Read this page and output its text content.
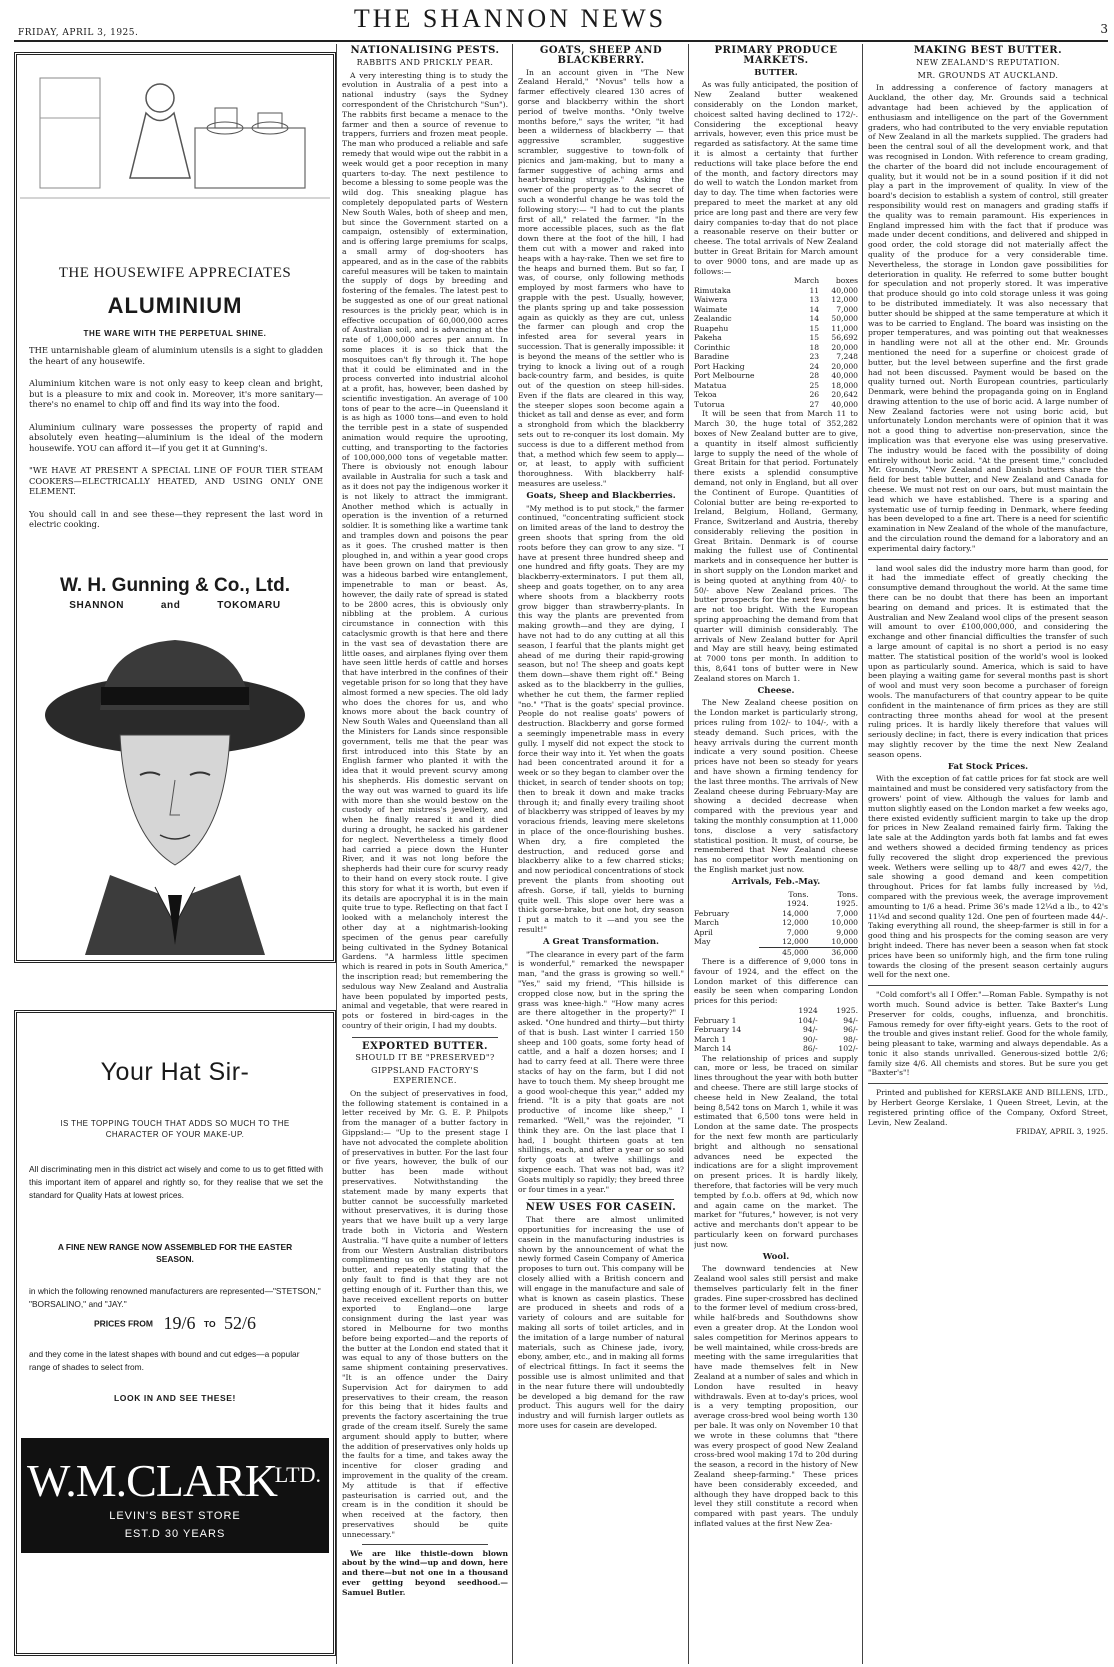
FRIDAY, APRIL 3, 1925.	THE SHANNON NEWS	3
THE HOUSEWIFE APPRECIATES
ALUMINIUM
THE WARE WITH THE PERPETUAL SHINE.

THE untarnishable gleam of aluminium utensils is a sight to gladden the heart of any housewife.

Aluminium kitchen ware is not only easy to keep clean and bright, but is a pleasure to mix and cook in. Moreover, it's more sanitary—there's no enamel to chip off and find its way into the food.

Aluminium culinary ware possesses the property of rapid and absolutely even heating—aluminium is the ideal of the modern housewife. YOU can afford it—if you get it at Gunning's.

"WE HAVE AT PRESENT A SPECIAL LINE OF FOUR TIER STEAM COOKERS—ELECTRICALLY HEATED, AND USING ONLY ONE ELEMENT.

You should call in and see these—they represent the last word in electric cooking.

W. H. Gunning & Co., Ltd.
SHANNON	and	TOKOMARU
Your Hat Sir-
IS THE TOPPING TOUCH THAT ADDS SO MUCH TO THE CHARACTER OF YOUR MAKE-UP.
All discriminating men in this district act wisely and come to us to get fitted with this important item of apparel and rightly so, for they realise that we set the standard for Quality Hats at lowest prices.
A FINE NEW RANGE NOW ASSEMBLED FOR THE EASTER SEASON.
in which the following renowned manufacturers are represented—"STETSON," "BORSALINO," and "JAY."
PRICES FROM 19/6 TO 52/6
and they come in the latest shapes with bound and cut edges—a popular range of shades to select from.
LOOK IN AND SEE THESE!
W.M.CLARK
LTD.
LEVIN'S BEST STORE
EST.D 30 YEARS
NATIONALISING PESTS.
RABBITS AND PRICKLY PEAR.

A very interesting thing is to study the evolution in Australia of a pest into a national industry (says the Sydney correspondent of the Christchurch "Sun"). The rabbits first became a menace to the farmer and then a source of revenue to trappers, furriers and frozen meat people. The man who produced a reliable and safe remedy that would wipe out the rabbit in a week would get a poor reception in many quarters to-day. The next pestilence to become a blessing to some people was the wild dog. This sneaking plague has completely depopulated parts of Western New South Wales, both of sheep and men, but since the Government started on a campaign, ostensibly of extermination, and is offering large premiums for scalps, a small army of dog-shooters has appeared, and as in the case of the rabbits careful measures will be taken to maintain the supply of dogs by breeding and fostering of the females. The latest pest to be suggested as one of our great national resources is the prickly pear, which is in effective occupation of 60,000,000 acres of Australian soil, and is advancing at the rate of 1,000,000 acres per annum. In some places it is so thick that the mosquitoes can't fly through it. The hope that it could be eliminated and in the process converted into industrial alcohol at a profit, has, however, been dashed by scientific investigation. An average of 100 tons of pear to the acre—in Queensland it is as high as 1000 tons—and even to hold the terrible pest in a state of suspended animation would require the uprooting, cutting, and transporting to the factories of 100,000,000 tons of vegetable matter. There is obviously not enough labour available in Australia for such a task and as it does not pay the indigenous worker it is not likely to attract the immigrant. Another method which is actually in operation is the invention of a returned soldier. It is something like a wartime tank and tramples down and poisons the pear as it goes. The crushed matter is then ploughed in, and within a year good crops have been grown on land that previously was a hideous barbed wire entanglement, impenetrable to man or beast. As, however, the daily rate of spread is stated to be 2800 acres, this is obviously only nibbling at the problem. A curious circumstance in connection with this cataclysmic growth is that here and there in the vast sea of devastation there are little oases, and airplanes flying over them have seen little herds of cattle and horses that have interbred in the confines of their vegetable prison for so long that they have almost formed a new species. The old lady who does the chores for us, and who knows more about the back country of New South Wales and Queensland than all the Ministers for Lands since responsible government, tells me that the pear was first introduced into this State by an English farmer who planted it with the idea that it would prevent scurvy among his shepherds. His domestic servant on the way out was warned to guard its life with more than she would bestow on the custody of her mistress's jewellery, and when he finally reared it and it died during a drought, he sacked his gardener for neglect. Nevertheless a timely flood had carried a piece down the Hunter River, and it was not long before the shepherds had their cure for scurvy ready to their hand on every stock route. I give this story for what it is worth, but even if its details are apocryphal it is in the main quite true to type. Reflecting on that fact I looked with a melancholy interest the other day at a nightmarish-looking specimen of the genus pear carefully being cultivated in the Sydney Botanical Gardens. "A harmless little specimen which is reared in pots in South America," the inscription read; but remembering the sedulous way New Zealand and Australia have been populated by imported pests, animal and vegetable, that were reared in pots or fostered in bird-cages in the country of their origin, I had my doubts.

EXPORTED BUTTER.
SHOULD IT BE "PRESERVED"?
GIPPSLAND FACTORY'S EXPERIENCE.

On the subject of preservatives in food, the following statement is contained in a letter received by Mr. G. E. P. Philpots from the manager of a butter factory in Gippsland:— "Up to the present stage I have not advocated the complete abolition of preservatives in butter. For the last four or five years, however, the bulk of our butter has been made without preservatives. Notwithstanding the statement made by many experts that butter cannot be successfully marketed without preservatives, it is during those years that we have built up a very large trade both in Victoria and Western Australia. "I have quite a number of letters from our Western Australian distributors complimenting us on the quality of the butter, and repeatedly stating that the only fault to find is that they are not getting enough of it. Further than this, we have received excellent reports on butter exported to England—one large consignment during the last year was stored in Melbourne for two months before being exported—and the reports of the butter at the London end stated that it was equal to any of those butters on the same shipment containing preservatives. "It is an offence under the Dairy Supervision Act for dairymen to add preservatives to their cream, the reason for this being that it hides faults and prevents the factory ascertaining the true grade of the cream itself. Surely the same argument should apply to butter, where the addition of preservatives only holds up the faults for a time, and takes away the incentive for closer grading and improvement in the quality of the cream. My attitude is that if effective pasteurisation is carried out, and the cream is in the condition it should be when received at the factory, then preservatives should be quite unnecessary."

We are like thistle-down blown about by the wind—up and down, here and there—but not one in a thousand ever getting beyond seedhood.—Samuel Butler.

GOATS, SHEEP AND BLACKBERRY.

In an account given in "The New Zealand Herald," "Novus" tells how a farmer effectively cleared 130 acres of gorse and blackberry within the short period of twelve months. "Only twelve months before," says the writer, "it had been a wilderness of blackberry — that aggressive scrambler, suggestive scrambler, suggestive to town-folk of picnics and jam-making, but to many a farmer suggestive of aching arms and heart-breaking struggle." Asking the owner of the property as to the secret of such a wonderful change he was told the following story:— "I had to cut the plants first of all," related the farmer. "In the more accessible places, such as the flat down there at the foot of the hill, I had them cut with a mower and raked into heaps with a hay-rake. Then we set fire to the heaps and burned them. But so far, I was, of course, only following methods employed by most farmers who have to grapple with the pest. Usually, however, the plants spring up and take possession again as quickly as they are cut, unless the farmer can plough and crop the infested area for several years in succession. That is generally impossible: it is beyond the means of the settler who is trying to knock a living out of a rough back-country farm, and besides, is quite out of the question on steep hill-sides. Even if the flats are cleared in this way, the steeper slopes soon become again a thicket as tall and dense as ever, and form a stronghold from which the blackberry sets out to re-conquer its lost domain. My success is due to a different method from that, a method which few seem to apply—or, at least, to apply with sufficient thoroughness. With blackberry half-measures are useless."

Goats, Sheep and Blackberries.

"My method is to put stock," the farmer continued, "concentrating sufficient stock on limited areas of the land to destroy the green shoots that spring from the old roots before they can grow to any size. "I have at present three hundred sheep and one hundred and fifty goats. They are my blackberry-exterminators. I put them all, sheep and goats together, on to any area where shoots from a blackberry roots grow bigger than strawberry-plants. In this way the plants are prevented from making growth—and they are dying, I have not had to do any cutting at all this season, I fearful that the plants might get ahead of me during their rapid-growing season, but no! The sheep and goats kept them down—shave them right off." Being asked as to the blackberry in the gullies, whether he cut them, the farmer replied "no." "That is the goats' special province. People do not realise goats' powers of destruction. Blackberry and gorse formed a seemingly impenetrable mass in every gully. I myself did not expect the stock to force their way into it. Yet when the goats had been concentrated around it for a week or so they began to clamber over the thicket, in search of tender shoots on top; then to break it down and make tracks through it; and finally every trailing shoot of blackberry was stripped of leaves by my voracious friends, leaving mere skeletons in place of the once-flourishing bushes. When dry, a fire completed the destruction, and reduced gorse and blackberry alike to a few charred sticks; and now periodical concentrations of stock prevent the plants from shooting out afresh. Gorse, if tall, yields to burning quite well. This slope over here was a thick gorse-brake, but one hot, dry season I put a match to it —and you see the result!"

A Great Transformation.

"The clearance in every part of the farm is wonderful," remarked the newspaper man, "and the grass is growing so well." "Yes," said my friend, "This hillside is cropped close now, but in the spring the grass was knee-high." "How many acres are there altogether in the property?" I asked. "One hundred and thirty—but thirty of that is bush. Last winter I carried 150 sheep and 100 goats, some forty head of cattle, and a half a dozen horses; and I had to carry feed at all. There were three stacks of hay on the farm, but I did not have to touch them. My sheep brought me a good wool-cheque this year," added my friend. "It is a pity that goats are not productive of income like sheep," I remarked. "Well," was the rejoinder, "I think they are. On the last place that I had, I bought thirteen goats at ten shillings, each, and after a year or so sold forty goats at twelve shillings and sixpence each. That was not bad, was it? Goats multiply so rapidly; they breed three or four times in a year."

NEW USES FOR CASEIN.

That there are almost unlimited opportunities for increasing the use of casein in the manufacturing industries is shown by the announcement of what the newly formed Casein Company of America proposes to turn out. This company will be closely allied with a British concern and will engage in the manufacture and sale of what is known as casein plastics. These are produced in sheets and rods of a variety of colours and are suitable for making all sorts of toilet articles, and in the imitation of a large number of natural materials, such as Chinese jade, ivory, ebony, amber, etc., and in making all forms of electrical fittings. In fact it seems the possible use is almost unlimited and that in the near future there will undoubtedly be developed a big demand for the raw product. This augurs well for the dairy industry and will furnish larger outlets as more uses for casein are developed.

PRIMARY PRODUCE MARKETS.
BUTTER.

As was fully anticipated, the position of New Zealand butter weakened considerably on the London market, choicest salted having declined to 172/-. Considering the exceptional heavy arrivals, however, even this price must be regarded as satisfactory. At the same time it is almost a certainty that further reductions will take place before the end of the month, and factory directors may do well to watch the London market from day to day. The time when factories were prepared to meet the market at any old price are long past and there are very few dairy companies to-day that do not place a reasonable reserve on their butter or cheese. The total arrivals of New Zealand butter in Great Britain for March amount to over 9000 tons, and are made up as follows:—

	March	boxes
Rimutaka	11	40,000
Waiwera	13	12,000
Waimate	14	7,000
Zealandic	14	50,000
Ruapehu	15	11,000
Pakeha	15	56,692
Corinthic	18	20,000
Baradine	23	7,248
Port Hacking	24	20,000
Port Melbourne	28	40,000
Matatua	25	18,000
Tekoa	26	20,642
Tutorua	27	40,000

It will be seen that from March 11 to March 30, the huge total of 352,282 boxes of New Zealand butter are to give, a quantity in itself almost sufficiently large to supply the need of the whole of Great Britain for that period. Fortunately there exists a splendid consumptive demand, not only in England, but all over the Continent of Europe. Quantities of Colonial butter are being re-exported to Ireland, Belgium, Holland, Germany, France, Switzerland and Austria, thereby considerably relieving the position in Great Britain. Denmark is of course making the fullest use of Continental markets and in consequence her butter is in short supply on the London market and is being quoted at anything from 40/- to 50/- above New Zealand prices. The butter prospects for the next few months are not too bright. With the European spring approaching the demand from that quarter will diminish considerably. The arrivals of New Zealand butter for April and May are still heavy, being estimated at 7000 tons per month. In addition to this, 8,641 tons of butter were in New Zealand stores on March 1.

Cheese.

The New Zealand cheese position on the London market is particularly strong, prices ruling from 102/- to 104/-, with a steady demand. Such prices, with the heavy arrivals during the current month indicate a very sound position. Cheese prices have not been so steady for years and have shown a firming tendency for the last three months. The arrivals of New Zealand cheese during February-May are showing a decided decrease when compared with the previous year and taking the monthly consumption at 11,000 tons, disclose a very satisfactory statistical position. It must, of course, be remembered that New Zealand cheese has no competitor worth mentioning on the English market just now.

Arrivals, Feb.-May.
	Tons.	Tons.
	1924.	1925.
February	14,000	7,000
March	12,000	10,000
April	7,000	9,000
May	12,000	10,000
	45,000	36,000

There is a difference of 9,000 tons in favour of 1924, and the effect on the London market of this difference can easily be seen when comparing London prices for this period:

	1924	1925.
February 1	104/-	94/-
February 14	94/-	96/-
March 1	90/-	98/-
March 14	86/-	102/-

The relationship of prices and supply can, more or less, be traced on similar lines throughout the year with both butter and cheese. There are still large stocks of cheese held in New Zealand, the total being 8,542 tons on March 1, while it was estimated that 6,500 tons were held in London at the same date. The prospects for the next few month are particularly bright and although no sensational advances need be expected the indications are for a slight improvement on present prices. It is hardly likely, therefore, that factories will be very much tempted by f.o.b. offers at 9d, which now and again came on the market. The market for "futures," however, is not very active and merchants don't appear to be particularly keen on forward purchases just now.

Wool.

The downward tendencies at New Zealand wool sales still persist and make themselves particularly felt in the finer grades. Fine super-crossbred has declined to the former level of medium cross-bred, while half-breds and Southdowns show even a greater drop. At the London wool sales competition for Merinos appears to be well maintained, while cross-breds are meeting with the same irregularities that have made themselves felt in New Zealand at a number of sales and which in London have resulted in heavy withdrawals. Even at to-day's prices, wool is a very tempting proposition, our average cross-bred wool being worth 130 per bale. It was only on November 10 that we wrote in these columns that "there was every prospect of good New Zealand cross-bred wool making 17d to 20d during the season, a record in the history of New Zealand sheep-farming." These prices have been considerably exceeded, and although they have dropped back to this level they still constitute a record when compared with past years. The unduly inflated values at the first New Zea-

MAKING BEST BUTTER.
NEW ZEALAND'S REPUTATION.
MR. GROUNDS AT AUCKLAND.

In addressing a conference of factory managers at Auckland, the other day, Mr. Grounds said a technical advantage had been achieved by the application of enthusiasm and intelligence on the part of the Government graders, who had contributed to the very enviable reputation of New Zealand in all the markets supplied. The graders had been the central soul of all the development work, and that was recognised in London. With reference to cream grading, the charter of the board did not include encouragement of quality, but it would not be in a sound position if it did not play a part in the improvement of quality. In view of the board's decision to establish a system of control, still greater responsibility would rest on managers and grading staffs if the quality was to remain paramount. His experiences in England impressed him with the fact that if produce was made under decent conditions, and delivered and shipped in good order, the cold storage did not materially affect the quality of the produce for a very considerable time. Nevertheless, the storage in London gave possibilities for deterioration in quality. He referred to some butter bought for speculation and not properly stored. It was imperative that produce should go into cold storage unless it was going to be distributed immediately. It was also necessary that butter should be shipped at the same temperature at which it was to be carried to England. The board was insisting on the proper temperatures, and was pointing out that weaknesses in handling were not all at the other end. Mr. Grounds mentioned the need for a superfine or choicest grade of butter, but the level between superfine and the first grade had not been discussed. Payment would be based on the quality turned out. North European countries, particularly Denmark, were behind the propaganda going on in England drawing attention to the use of boric acid. A large number of New Zealand factories were not using boric acid, but unfortunately London merchants were of opinion that it was not a good thing to advertise non-preservation, since the implication was that everyone else was using preservative. The industry would be faced with the possibility of doing entirely without boric acid. "At the present time," concluded Mr. Grounds, "New Zealand and Danish butters share the field for best table butter, and New Zealand and Canada for cheese. We must not rest on our oars, but must maintain the lead which we have established. There is a sparing and systematic use of turnip feeding in Denmark, where feeding has been developed to a fine art. There is a need for scientific examination in New Zealand of the whole of the manufacture, and the circulation round the demand for a laboratory and an experimental dairy factory."

land wool sales did the industry more harm than good, for it had the immediate effect of greatly checking the consumptive demand throughout the world. At the same time there can be no doubt that there has been an important bearing on demand and prices. It is estimated that the Australian and New Zealand wool clips of the present season will amount to over £100,000,000, and considering the exchange and other financial difficulties the transfer of such a large amount of capital is no short a period is no easy matter. The statistical position of the world's wool is looked upon as particularly sound. America, which is said to have been playing a waiting game for several months past is short of wool and must very soon become a purchaser of foreign wools. The manufacturers of that country appear to be quite confident in the maintenance of firm prices as they are still contracting three months ahead for wool at the present ruling prices. It is hardly likely therefore that values will seriously decline; in fact, there is every indication that prices may slightly recover by the time the next New Zealand season opens.

Fat Stock Prices.

With the exception of fat cattle prices for fat stock are well maintained and must be considered very satisfactory from the growers' point of view. Although the values for lamb and mutton slightly eased on the London market a few weeks ago, there existed evidently sufficient margin to take up the drop for prices in New Zealand remained fairly firm. Taking the late sale at the Addington yards both fat lambs and fat ewes and wethers showed a decided firming tendency as prices fully recovered the slight drop experienced the previous week. Wethers were selling up to 48/7 and ewes 42/7, the sale showing a good demand and keen competition throughout. Prices for fat lambs fully increased by ½d, compared with the previous week, the average improvement amounting to 1/6 a head. Prime 36's made 12¼d a lb., to 42's 11¼d and second quality 12d. One pen of fourteen made 44/-. Taking everything all round, the sheep-farmer is still in for a good thing and his prospects for the coming season are very bright indeed. There has never been a season when fat stock prices have been so uniformly high, and the firm tone ruling towards the closing of the present season certainly augurs well for the next one.

"Cold comfort's all I Offer."—Roman Fable. Sympathy is not worth much. Sound advice is better. Take Baxter's Lung Preserver for colds, coughs, influenza, and bronchitis. Famous remedy for over fifty-eight years. Gets to the root of the trouble and gives instant relief. Good for the whole family, being pleasant to take, warming and always dependable. As a tonic it also stands unrivalled. Generous-sized bottle 2/6; family size 4/6. All chemists and stores. But be sure you get "Baxter's"!

Printed and published for KERSLAKE AND BILLENS, LTD., by Herbert George Kerslake, 1 Queen Street, Levin, at the registered printing office of the Company, Oxford Street, Levin, New Zealand.

FRIDAY, APRIL 3, 1925.
